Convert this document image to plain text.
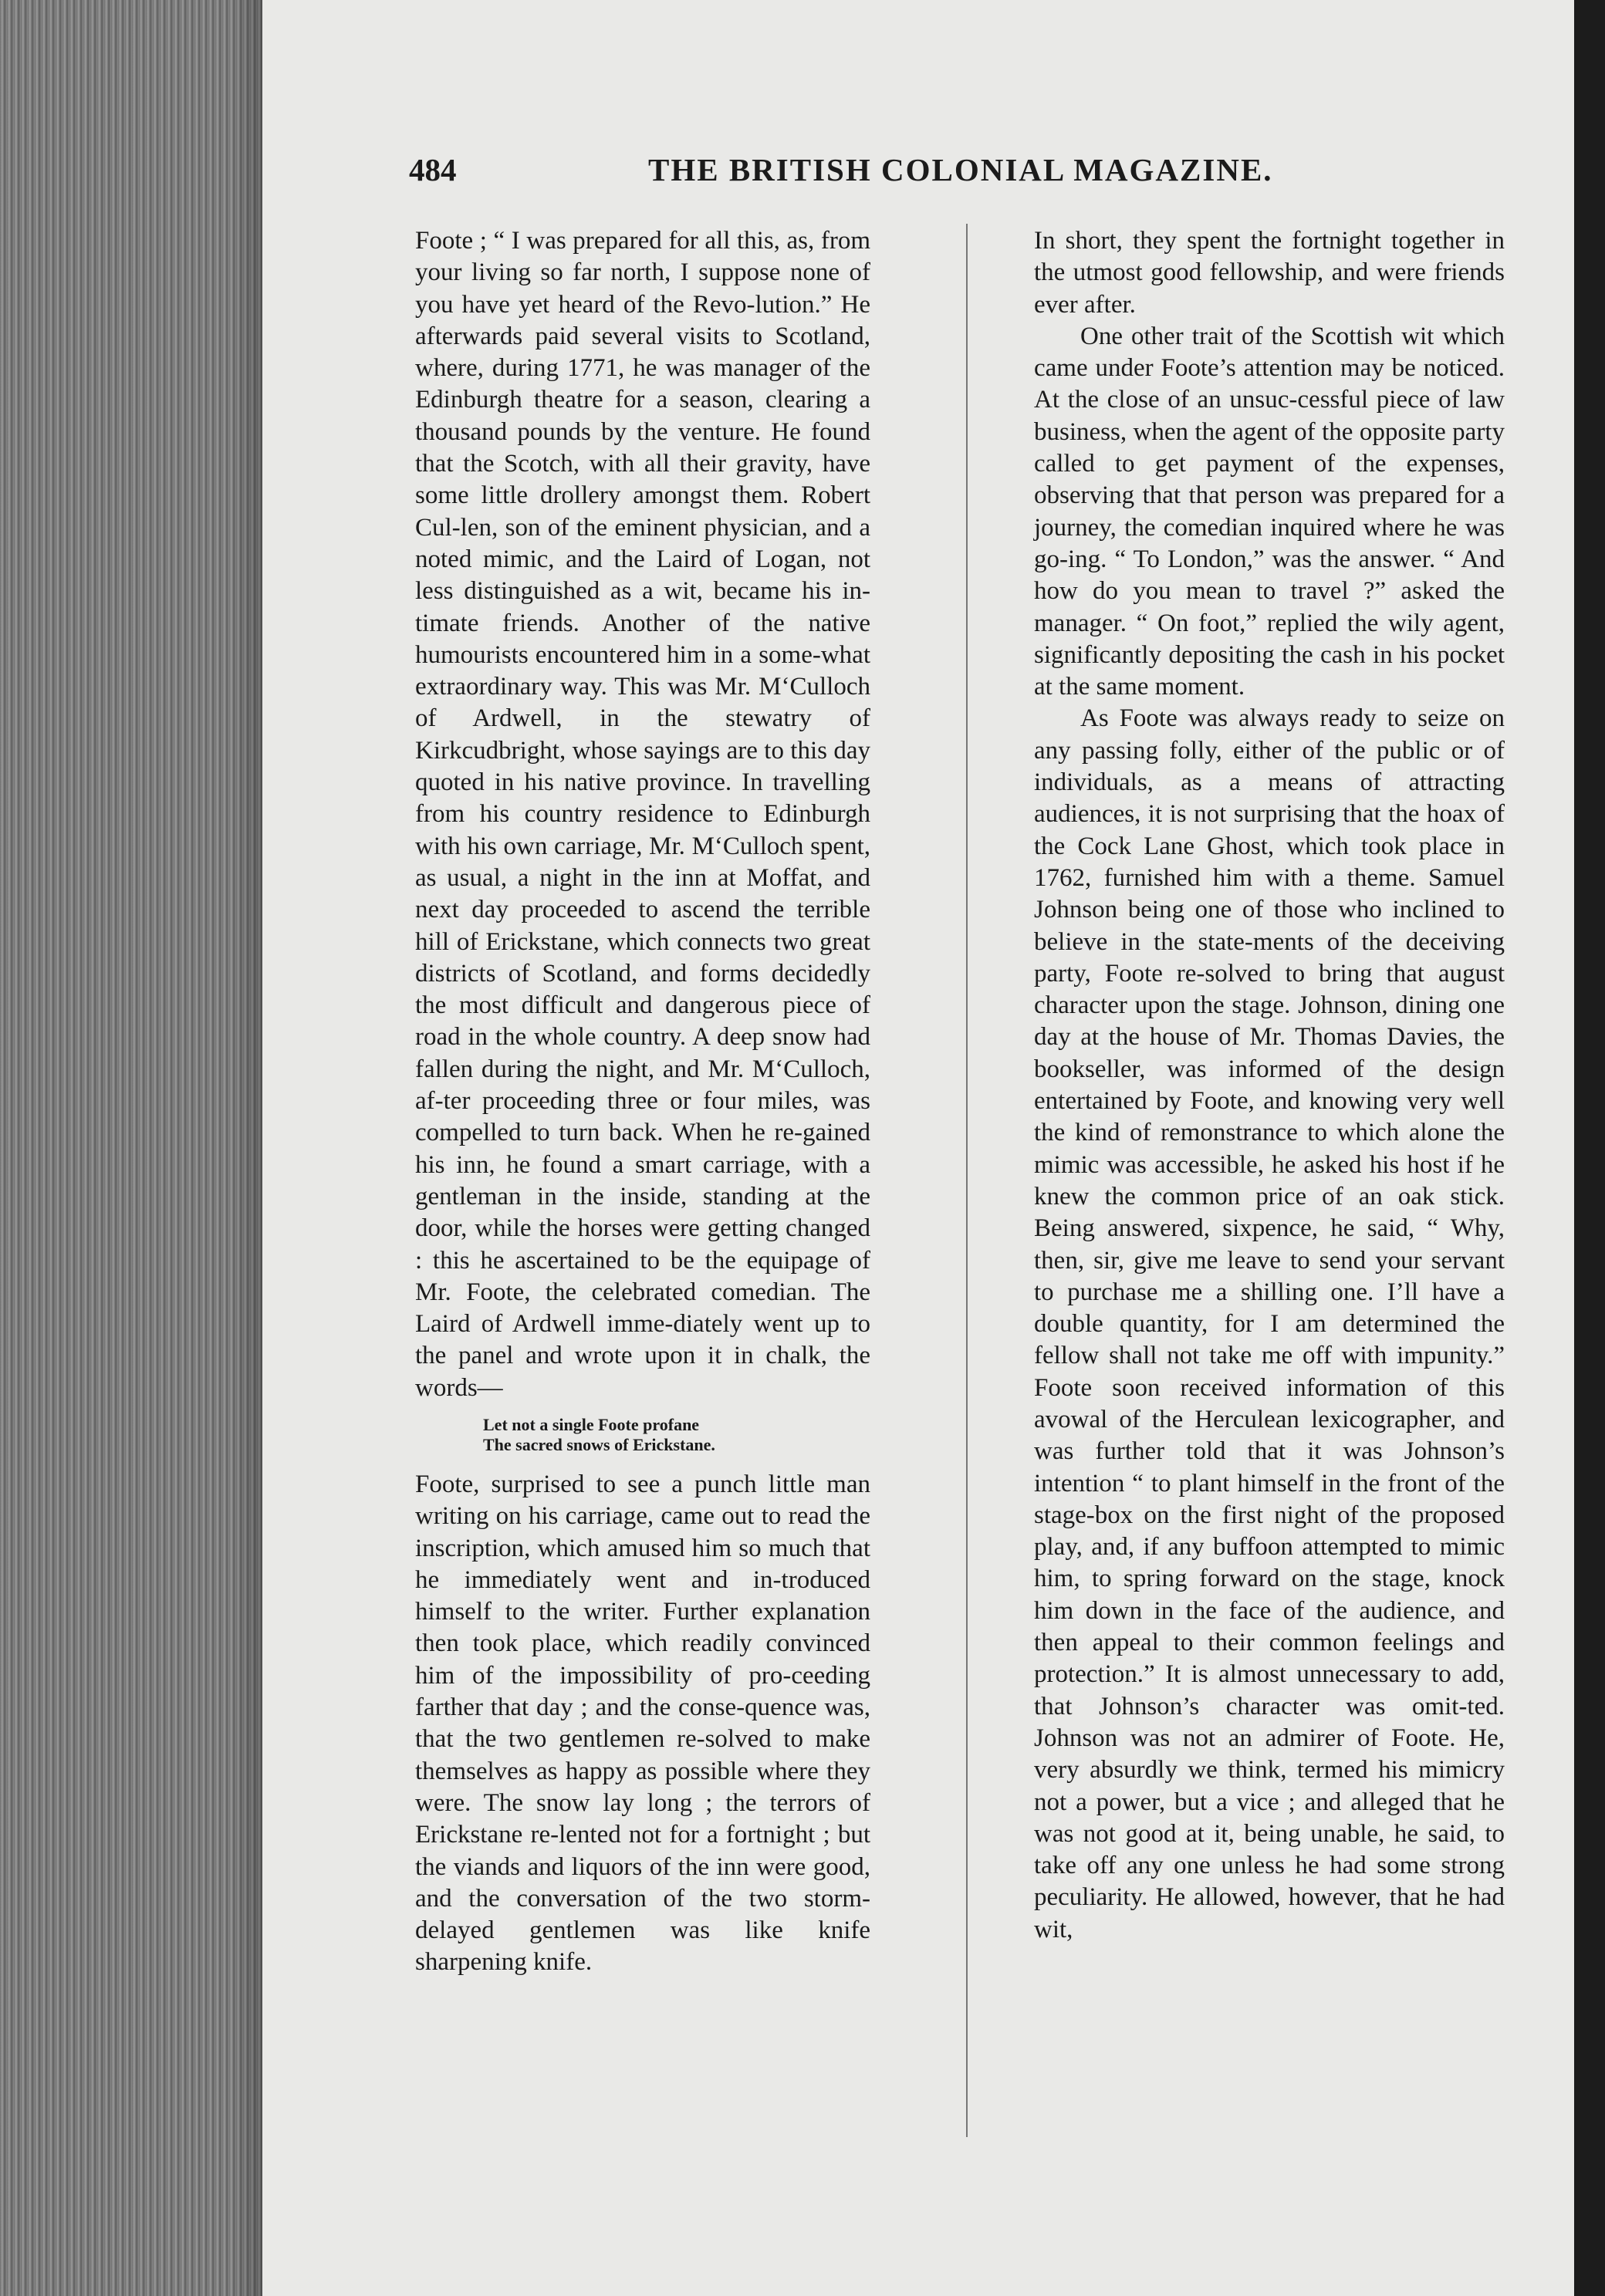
484	THE BRITISH COLONIAL MAGAZINE.

Foote ; “ I was prepared for all this, as, from your living so far north, I suppose none of you have yet heard of the Revo-lution.” He afterwards paid several visits to Scotland, where, during 1771, he was manager of the Edinburgh theatre for a season, clearing a thousand pounds by the venture. He found that the Scotch, with all their gravity, have some little drollery amongst them. Robert Cul-len, son of the eminent physician, and a noted mimic, and the Laird of Logan, not less distinguished as a wit, became his in-timate friends. Another of the native humourists encountered him in a some-what extraordinary way. This was Mr. M‘Culloch of Ardwell, in the stewatry of Kirkcudbright, whose sayings are to this day quoted in his native province. In travelling from his country residence to Edinburgh with his own carriage, Mr. M‘Culloch spent, as usual, a night in the inn at Moffat, and next day proceeded to ascend the terrible hill of Erickstane, which connects two great districts of Scotland, and forms decidedly the most difficult and dangerous piece of road in the whole country. A deep snow had fallen during the night, and Mr. M‘Culloch, af-ter proceeding three or four miles, was compelled to turn back. When he re-gained his inn, he found a smart carriage, with a gentleman in the inside, standing at the door, while the horses were getting changed : this he ascertained to be the equipage of Mr. Foote, the celebrated comedian. The Laird of Ardwell imme-diately went up to the panel and wrote upon it in chalk, the words—

Let not a single Foote profane
The sacred snows of Erickstane.

Foote, surprised to see a punch little man writing on his carriage, came out to read the inscription, which amused him so much that he immediately went and in-troduced himself to the writer. Further explanation then took place, which readily convinced him of the impossibility of pro-ceeding farther that day ; and the conse-quence was, that the two gentlemen re-solved to make themselves as happy as possible where they were. The snow lay long ; the terrors of Erickstane re-lented not for a fortnight ; but the viands and liquors of the inn were good, and the conversation of the two storm-delayed gentlemen was like knife sharpening knife.

In short, they spent the fortnight together in the utmost good fellowship, and were friends ever after.

One other trait of the Scottish wit which came under Foote’s attention may be noticed. At the close of an unsuc-cessful piece of law business, when the agent of the opposite party called to get payment of the expenses, observing that that person was prepared for a journey, the comedian inquired where he was go-ing. “ To London,” was the answer. “ And how do you mean to travel ?” asked the manager. “ On foot,” replied the wily agent, significantly depositing the cash in his pocket at the same moment.

As Foote was always ready to seize on any passing folly, either of the public or of individuals, as a means of attracting audiences, it is not surprising that the hoax of the Cock Lane Ghost, which took place in 1762, furnished him with a theme. Samuel Johnson being one of those who inclined to believe in the state-ments of the deceiving party, Foote re-solved to bring that august character upon the stage. Johnson, dining one day at the house of Mr. Thomas Davies, the bookseller, was informed of the design entertained by Foote, and knowing very well the kind of remonstrance to which alone the mimic was accessible, he asked his host if he knew the common price of an oak stick. Being answered, sixpence, he said, “ Why, then, sir, give me leave to send your servant to purchase me a shilling one. I’ll have a double quantity, for I am determined the fellow shall not take me off with impunity.” Foote soon received information of this avowal of the Herculean lexicographer, and was further told that it was Johnson’s intention “ to plant himself in the front of the stage-box on the first night of the proposed play, and, if any buffoon attempted to mimic him, to spring forward on the stage, knock him down in the face of the audience, and then appeal to their common feelings and protection.” It is almost unnecessary to add, that Johnson’s character was omit-ted. Johnson was not an admirer of Foote. He, very absurdly we think, termed his mimicry not a power, but a vice ; and alleged that he was not good at it, being unable, he said, to take off any one unless he had some strong peculiarity. He allowed, however, that he had wit,
